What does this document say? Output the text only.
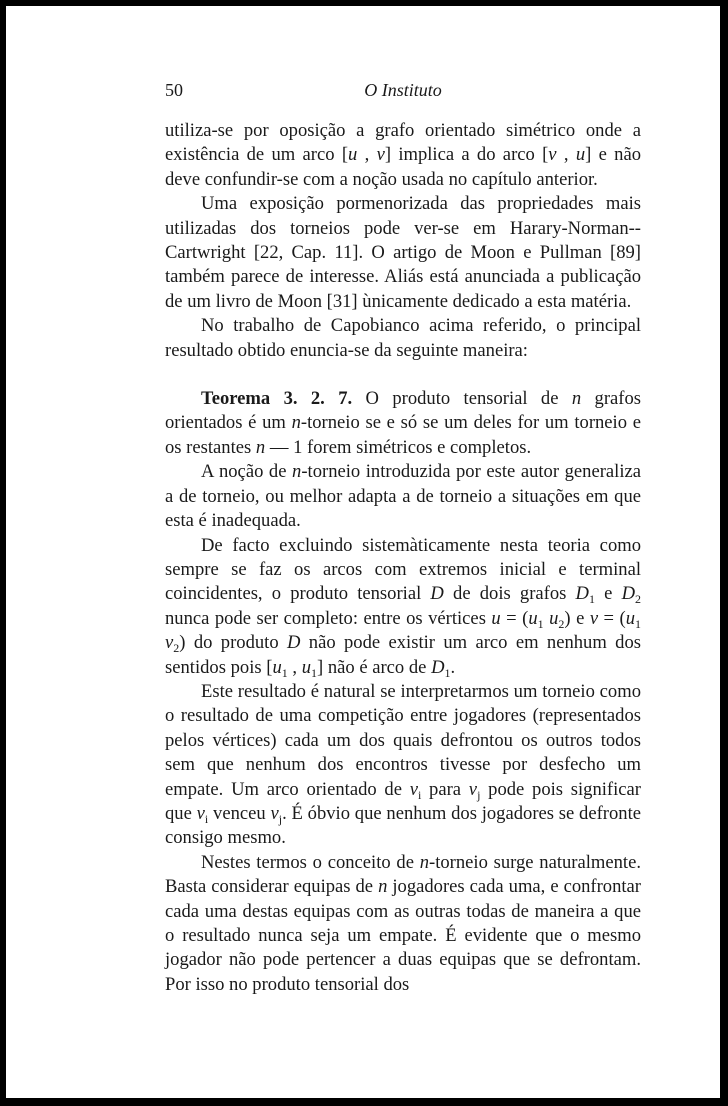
50	O Instituto

utiliza-se por oposição a grafo orientado simétrico onde a existência de um arco [u , v] implica a do arco [v , u] e não deve confundir-se com a noção usada no capítulo anterior.

Uma exposição pormenorizada das propriedades mais utilizadas dos torneios pode ver-se em Harary-Norman--Cartwright [22, Cap. 11]. O artigo de Moon e Pullman [89] também parece de interesse. Aliás está anunciada a publicação de um livro de Moon [31] ùnicamente dedicado a esta matéria.

No trabalho de Capobianco acima referido, o principal resultado obtido enuncia-se da seguinte maneira:

Teorema 3. 2. 7. O produto tensorial de n grafos orientados é um n-torneio se e só se um deles for um torneio e os restantes n — 1 forem simétricos e completos.

A noção de n-torneio introduzida por este autor generaliza a de torneio, ou melhor adapta a de torneio a situações em que esta é inadequada.

De facto excluindo sistemàticamente nesta teoria como sempre se faz os arcos com extremos inicial e terminal coincidentes, o produto tensorial D de dois grafos $D_1$ e $D_2$ nunca pode ser completo: entre os vértices $u = (u_1$ $u_2$) e $v = (u_1$ $v_2$) do produto D não pode existir um arco em nenhum dos sentidos pois [$u_1$ , $u_1$] não é arco de $D_1$.

Este resultado é natural se interpretarmos um torneio como o resultado de uma competição entre jogadores (representados pelos vértices) cada um dos quais defrontou os outros todos sem que nenhum dos encontros tivesse por desfecho um empate. Um arco orientado de $v_i$ para $v_j$ pode pois significar que $v_i$ venceu $v_j$. É óbvio que nenhum dos jogadores se defronte consigo mesmo.

Nestes termos o conceito de n-torneio surge naturalmente. Basta considerar equipas de n jogadores cada uma, e confrontar cada uma destas equipas com as outras todas de maneira a que o resultado nunca seja um empate. É evidente que o mesmo jogador não pode pertencer a duas equipas que se defrontam. Por isso no produto tensorial dos
